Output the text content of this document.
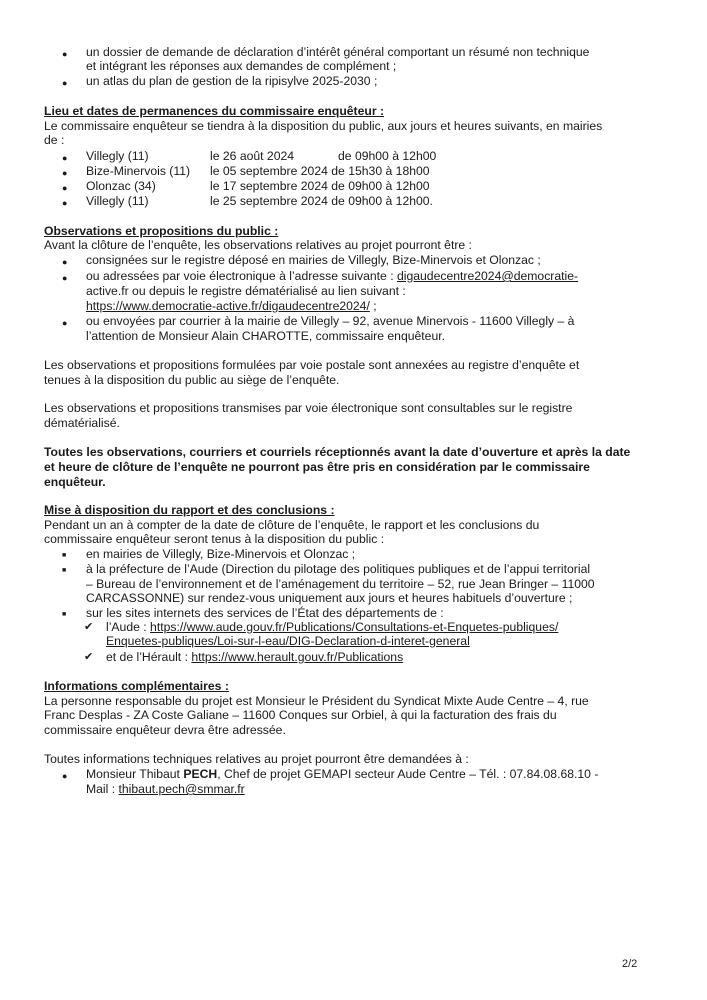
● un dossier de demande de déclaration d’intérêt général comportant un résumé non technique
et intégrant les réponses aux demandes de complément ;
● un atlas du plan de gestion de la ripisylve 2025-2030 ;
Lieu et dates de permanences du commissaire enquêteur :
Le commissaire enquêteur se tiendra à la disposition du public, aux jours et heures suivants, en mairies
de :
● Villegly (11)	le 26 août 2024	de 09h00 à 12h00
● Bize-Minervois (11) le 05 septembre 2024 de 15h30 à 18h00
● Olonzac (34)	le 17 septembre 2024 de 09h00 à 12h00
● Villegly (11)	le 25 septembre 2024 de 09h00 à 12h00.
Observations et propositions du public :
Avant la clôture de l’enquête, les observations relatives au projet pourront être :
● consignées sur le registre déposé en mairies de Villegly, Bize-Minervois et Olonzac ;
● ou adressées par voie électronique à l’adresse suivante : digaudecentre2024@democratie-
active.fr ou depuis le registre dématérialisé au lien suivant :
https://www.democratie-active.fr/digaudecentre2024/ ;
● ou envoyées par courrier à la mairie de Villegly – 92, avenue Minervois - 11600 Villegly – à
l’attention de Monsieur Alain CHAROTTE, commissaire enquêteur.
Les observations et propositions formulées par voie postale sont annexées au registre d’enquête et
tenues à la disposition du public au siège de l’enquête.
Les observations et propositions transmises par voie électronique sont consultables sur le registre
dématérialisé.
Toutes les observations, courriers et courriels réceptionnés avant la date d’ouverture et après la date
et heure de clôture de l’enquête ne pourront pas être pris en considération par le commissaire
enquêteur.
Mise à disposition du rapport et des conclusions :
Pendant un an à compter de la date de clôture de l’enquête, le rapport et les conclusions du
commissaire enquêteur seront tenus à la disposition du public :
■ en mairies de Villegly, Bize-Minervois et Olonzac ;
■ à la préfecture de l’Aude (Direction du pilotage des politiques publiques et de l’appui territorial
– Bureau de l’environnement et de l’aménagement du territoire – 52, rue Jean Bringer – 11000
CARCASSONNE) sur rendez-vous uniquement aux jours et heures habituels d’ouverture ;
■ sur les sites internets des services de l’État des départements de :
✔ l’Aude : https://www.aude.gouv.fr/Publications/Consultations-et-Enquetes-publiques/
Enquetes-publiques/Loi-sur-l-eau/DIG-Declaration-d-interet-general
✔ et de l’Hérault : https://www.herault.gouv.fr/Publications
Informations complémentaires :
La personne responsable du projet est Monsieur le Président du Syndicat Mixte Aude Centre – 4, rue
Franc Desplas - ZA Coste Galiane – 11600 Conques sur Orbiel, à qui la facturation des frais du
commissaire enquêteur devra être adressée.
Toutes informations techniques relatives au projet pourront être demandées à :
● Monsieur Thibaut PECH, Chef de projet GEMAPI secteur Aude Centre – Tél. : 07.84.08.68.10 -
Mail : thibaut.pech@smmar.fr
2/2
